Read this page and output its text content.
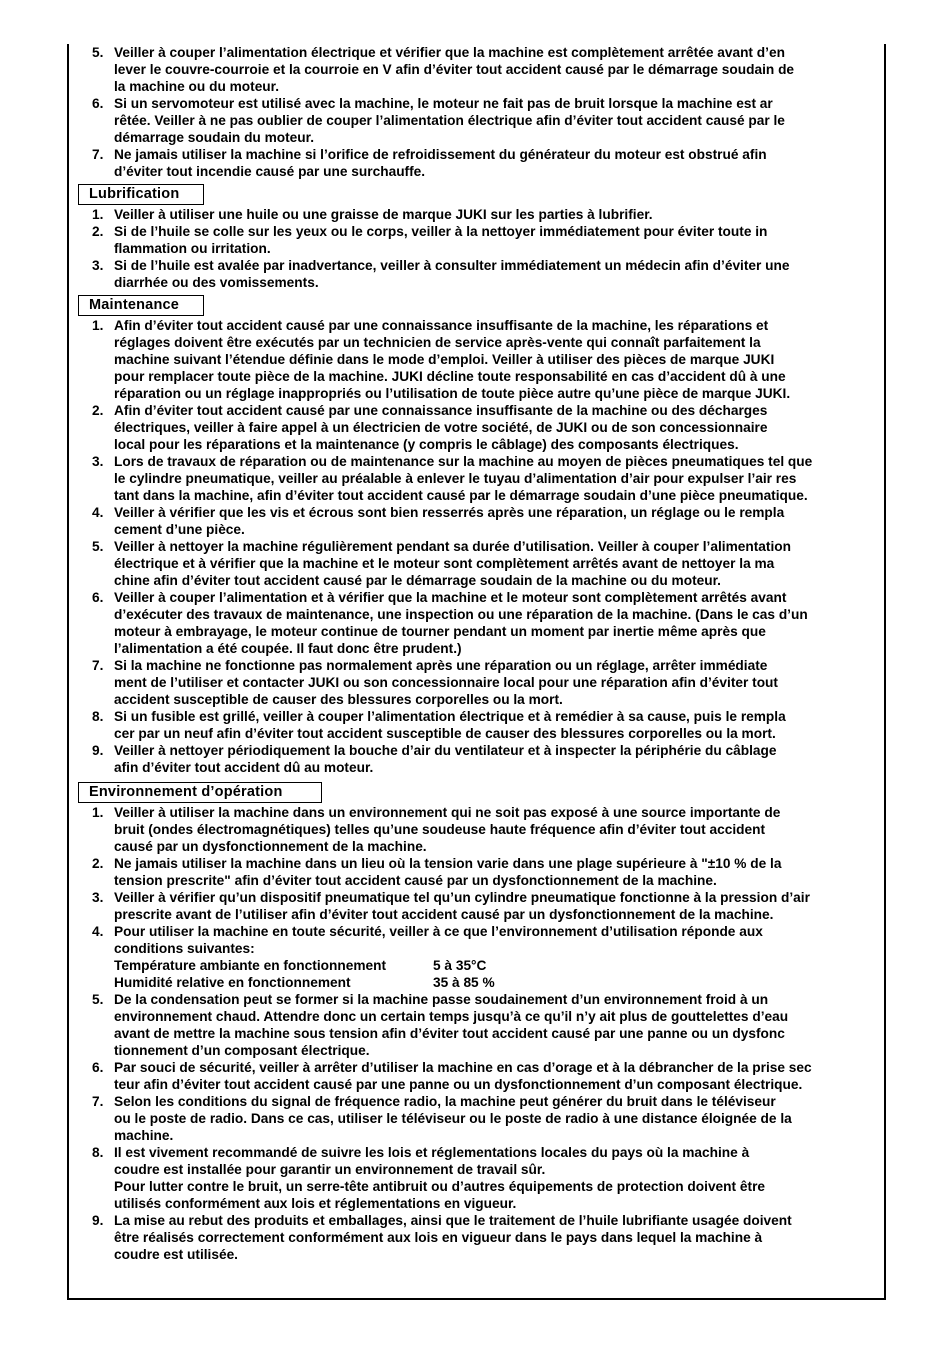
5. Veiller à couper l’alimentation électrique et vérifier que la machine est complètement arrêtée avant d’en
lever le couvre-courroie et la courroie en V afin d’éviter tout accident causé par le démarrage soudain de
la machine ou du moteur.
6. Si un servomoteur est utilisé avec la machine, le moteur ne fait pas de bruit lorsque la machine est ar
rêtée. Veiller à ne pas oublier de couper l’alimentation électrique afin d’éviter tout accident causé par le
démarrage soudain du moteur.
7. Ne jamais utiliser la machine si l’orifice de refroidissement du générateur du moteur est obstrué afin
d’éviter tout incendie causé par une surchauffe.
Lubrification
1. Veiller à utiliser une huile ou une graisse de marque JUKI sur les parties à lubrifier.
2. Si de l’huile se colle sur les yeux ou le corps, veiller à la nettoyer immédiatement pour éviter toute in
flammation ou irritation.
3. Si de l’huile est avalée par inadvertance, veiller à consulter immédiatement un médecin afin d’éviter une
diarrhée ou des vomissements.
Maintenance
1. Afin d’éviter tout accident causé par une connaissance insuffisante de la machine, les réparations et
réglages doivent être exécutés par un technicien de service après-vente qui connaît parfaitement la
machine suivant l’étendue définie dans le mode d’emploi. Veiller à utiliser des pièces de marque JUKI
pour remplacer toute pièce de la machine. JUKI décline toute responsabilité en cas d’accident dû à une
réparation ou un réglage inappropriés ou l’utilisation de toute pièce autre qu’une pièce de marque JUKI.
2. Afin d’éviter tout accident causé par une connaissance insuffisante de la machine ou des décharges
électriques, veiller à faire appel à un électricien de votre société, de JUKI ou de son concessionnaire
local pour les réparations et la maintenance (y compris le câblage) des composants électriques.
3. Lors de travaux de réparation ou de maintenance sur la machine au moyen de pièces pneumatiques tel que
le cylindre pneumatique, veiller au préalable à enlever le tuyau d’alimentation d’air pour expulser l’air res
tant dans la machine, afin d’éviter tout accident causé par le démarrage soudain d’une pièce pneumatique.
4. Veiller à vérifier que les vis et écrous sont bien resserrés après une réparation, un réglage ou le rempla
cement d’une pièce.
5. Veiller à nettoyer la machine régulièrement pendant sa durée d’utilisation. Veiller à couper l’alimentation
électrique et à vérifier que la machine et le moteur sont complètement arrêtés avant de nettoyer la ma
chine afin d’éviter tout accident causé par le démarrage soudain de la machine ou du moteur.
6. Veiller à couper l’alimentation et à vérifier que la machine et le moteur sont complètement arrêtés avant
d’exécuter des travaux de maintenance, une inspection ou une réparation de la machine. (Dans le cas d’un
moteur à embrayage, le moteur continue de tourner pendant un moment par inertie même après que
l’alimentation a été coupée. Il faut donc être prudent.)
7. Si la machine ne fonctionne pas normalement après une réparation ou un réglage, arrêter immédiate
ment de l’utiliser et contacter JUKI ou son concessionnaire local pour une réparation afin d’éviter tout
accident susceptible de causer des blessures corporelles ou la mort.
8. Si un fusible est grillé, veiller à couper l’alimentation électrique et à remédier à sa cause, puis le rempla
cer par un neuf afin d’éviter tout accident susceptible de causer des blessures corporelles ou la mort.
9. Veiller à nettoyer périodiquement la bouche d’air du ventilateur et à inspecter la périphérie du câblage
afin d’éviter tout accident dû au moteur.
Environnement d’opération
1. Veiller à utiliser la machine dans un environnement qui ne soit pas exposé à une source importante de
bruit (ondes électromagnétiques) telles qu’une soudeuse haute fréquence afin d’éviter tout accident
causé par un dysfonctionnement de la machine.
2. Ne jamais utiliser la machine dans un lieu où la tension varie dans une plage supérieure à "±10 % de la
tension prescrite" afin d’éviter tout accident causé par un dysfonctionnement de la machine.
3. Veiller à vérifier qu’un dispositif pneumatique tel qu’un cylindre pneumatique fonctionne à la pression d’air
prescrite avant de l’utiliser afin d’éviter tout accident causé par un dysfonctionnement de la machine.
4. Pour utiliser la machine en toute sécurité, veiller à ce que l’environnement d’utilisation réponde aux
conditions suivantes:
Température ambiante en fonctionnement	5 à 35°C
Humidité relative en fonctionnement	35 à 85 %
5. De la condensation peut se former si la machine passe soudainement d’un environnement froid à un
environnement chaud. Attendre donc un certain temps jusqu’à ce qu’il n’y ait plus de gouttelettes d’eau
avant de mettre la machine sous tension afin d’éviter tout accident causé par une panne ou un dysfonc
tionnement d’un composant électrique.
6. Par souci de sécurité, veiller à arrêter d’utiliser la machine en cas d’orage et à la débrancher de la prise sec
teur afin d’éviter tout accident causé par une panne ou un dysfonctionnement d’un composant électrique.
7. Selon les conditions du signal de fréquence radio, la machine peut générer du bruit dans le téléviseur
ou le poste de radio. Dans ce cas, utiliser le téléviseur ou le poste de radio à une distance éloignée de la
machine.
8. Il est vivement recommandé de suivre les lois et réglementations locales du pays où la machine à
coudre est installée pour garantir un environnement de travail sûr.
Pour lutter contre le bruit, un serre-tête antibruit ou d’autres équipements de protection doivent être
utilisés conformément aux lois et réglementations en vigueur.
9. La mise au rebut des produits et emballages, ainsi que le traitement de l’huile lubrifiante usagée doivent
être réalisés correctement conformément aux lois en vigueur dans le pays dans lequel la machine à
coudre est utilisée.
